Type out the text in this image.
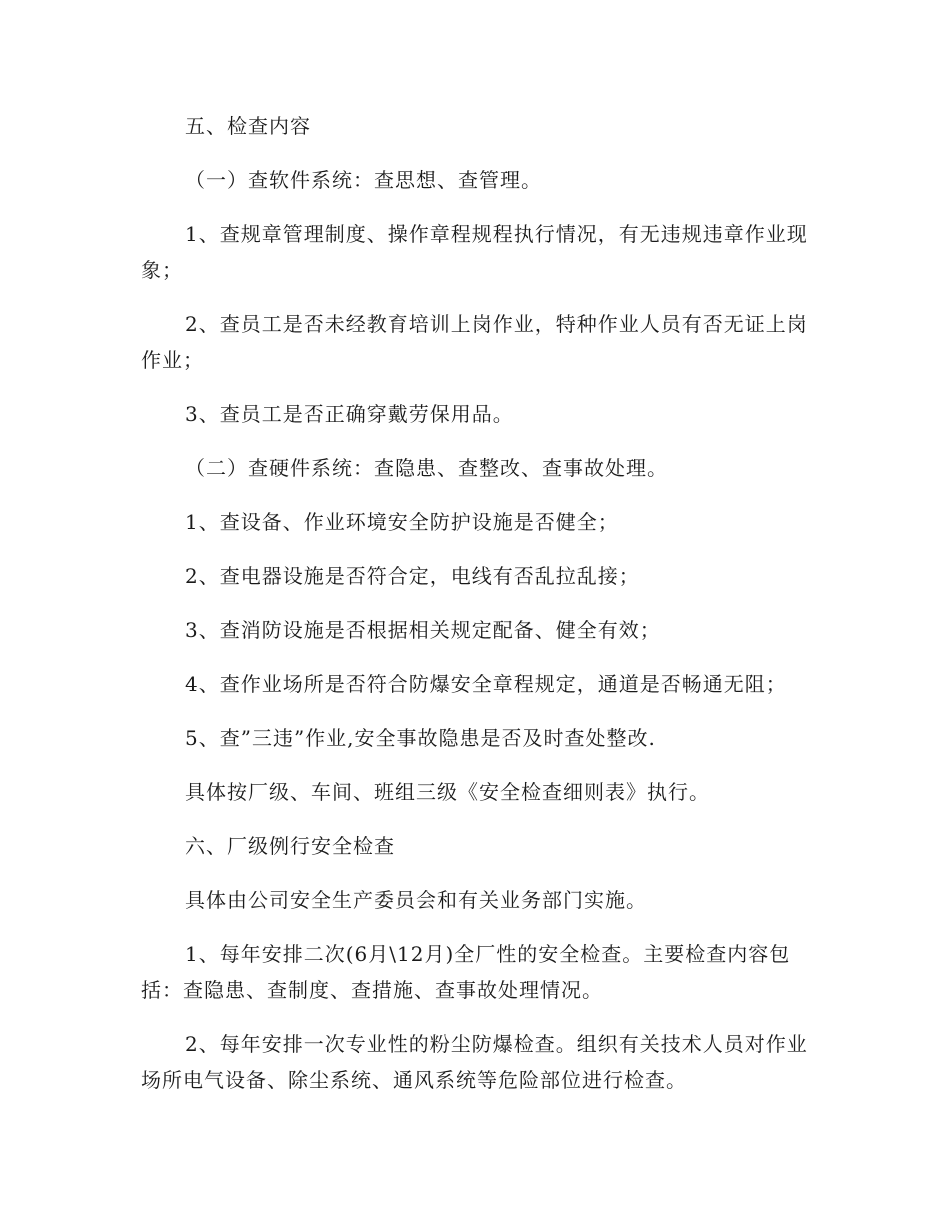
五、检查内容

（一）查软件系统：查思想、查管理。

1、查规章管理制度、操作章程规程执行情况，有无违规违章作业现象；

2、查员工是否未经教育培训上岗作业，特种作业人员有否无证上岗作业；

3、查员工是否正确穿戴劳保用品。

（二）查硬件系统：查隐患、查整改、查事故处理。

1、查设备、作业环境安全防护设施是否健全；

2、查电器设施是否符合定，电线有否乱拉乱接；

3、查消防设施是否根据相关规定配备、健全有效；

4、查作业场所是否符合防爆安全章程规定，通道是否畅通无阻；

5、查”三违”作业,安全事故隐患是否及时查处整改.

具体按厂级、车间、班组三级《安全检查细则表》执行。

六、厂级例行安全检查

具体由公司安全生产委员会和有关业务部门实施。

1、每年安排二次(6月\12月)全厂性的安全检查。主要检查内容包括：查隐患、查制度、查措施、查事故处理情况。

2、每年安排一次专业性的粉尘防爆检查。组织有关技术人员对作业场所电气设备、除尘系统、通风系统等危险部位进行检查。
